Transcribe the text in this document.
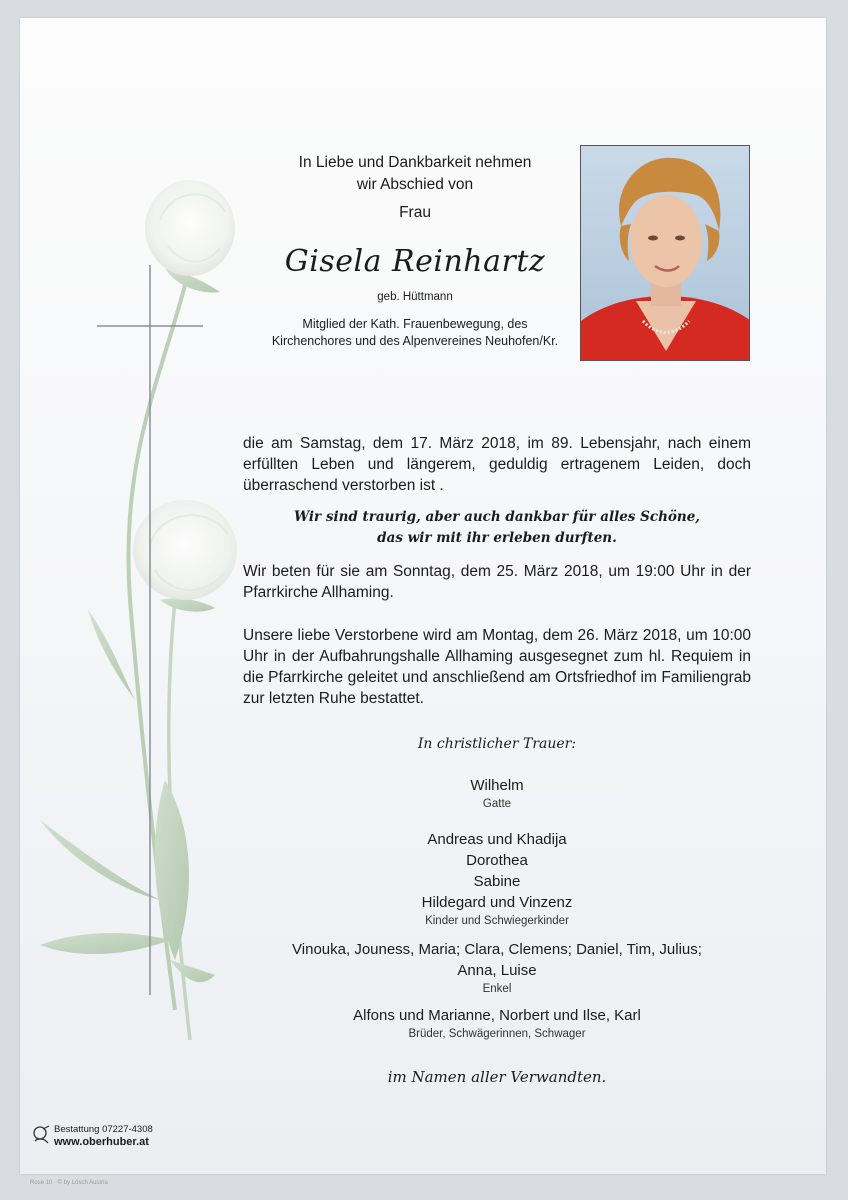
In Liebe und Dankbarkeit nehmen
wir Abschied von
Frau
Gisela Reinhartz
geb. Hüttmann
Mitglied der Kath. Frauenbewegung, des
Kirchenchores und des Alpenvereines Neuhofen/Kr.
die am Samstag, dem 17. März 2018, im 89. Lebensjahr, nach einem erfüllten Leben und längerem, geduldig ertragenem Leiden, doch überraschend verstorben ist .
Wir sind traurig, aber auch dankbar für alles Schöne,
das wir mit ihr erleben durften.
Wir beten für sie am Sonntag, dem 25. März 2018, um 19:00 Uhr in der Pfarrkirche Allhaming.
Unsere liebe Verstorbene wird am Montag, dem 26. März 2018, um 10:00 Uhr in der Aufbahrungshalle Allhaming ausgesegnet zum hl. Requiem in die Pfarrkirche geleitet und anschließend am Ortsfriedhof im Familiengrab zur letzten Ruhe bestattet.
In christlicher Trauer:
Wilhelm
Gatte
Andreas und Khadija
Dorothea
Sabine
Hildegard und Vinzenz
Kinder und Schwiegerkinder
Vinouka, Jouness, Maria; Clara, Clemens; Daniel, Tim, Julius;
Anna, Luise
Enkel
Alfons und Marianne, Norbert und Ilse, Karl
Brüder, Schwägerinnen, Schwager
im Namen aller Verwandten.
Bestattung 07227-4308
www.oberhuber.at
Rose 10 · © by Lösch Austria
